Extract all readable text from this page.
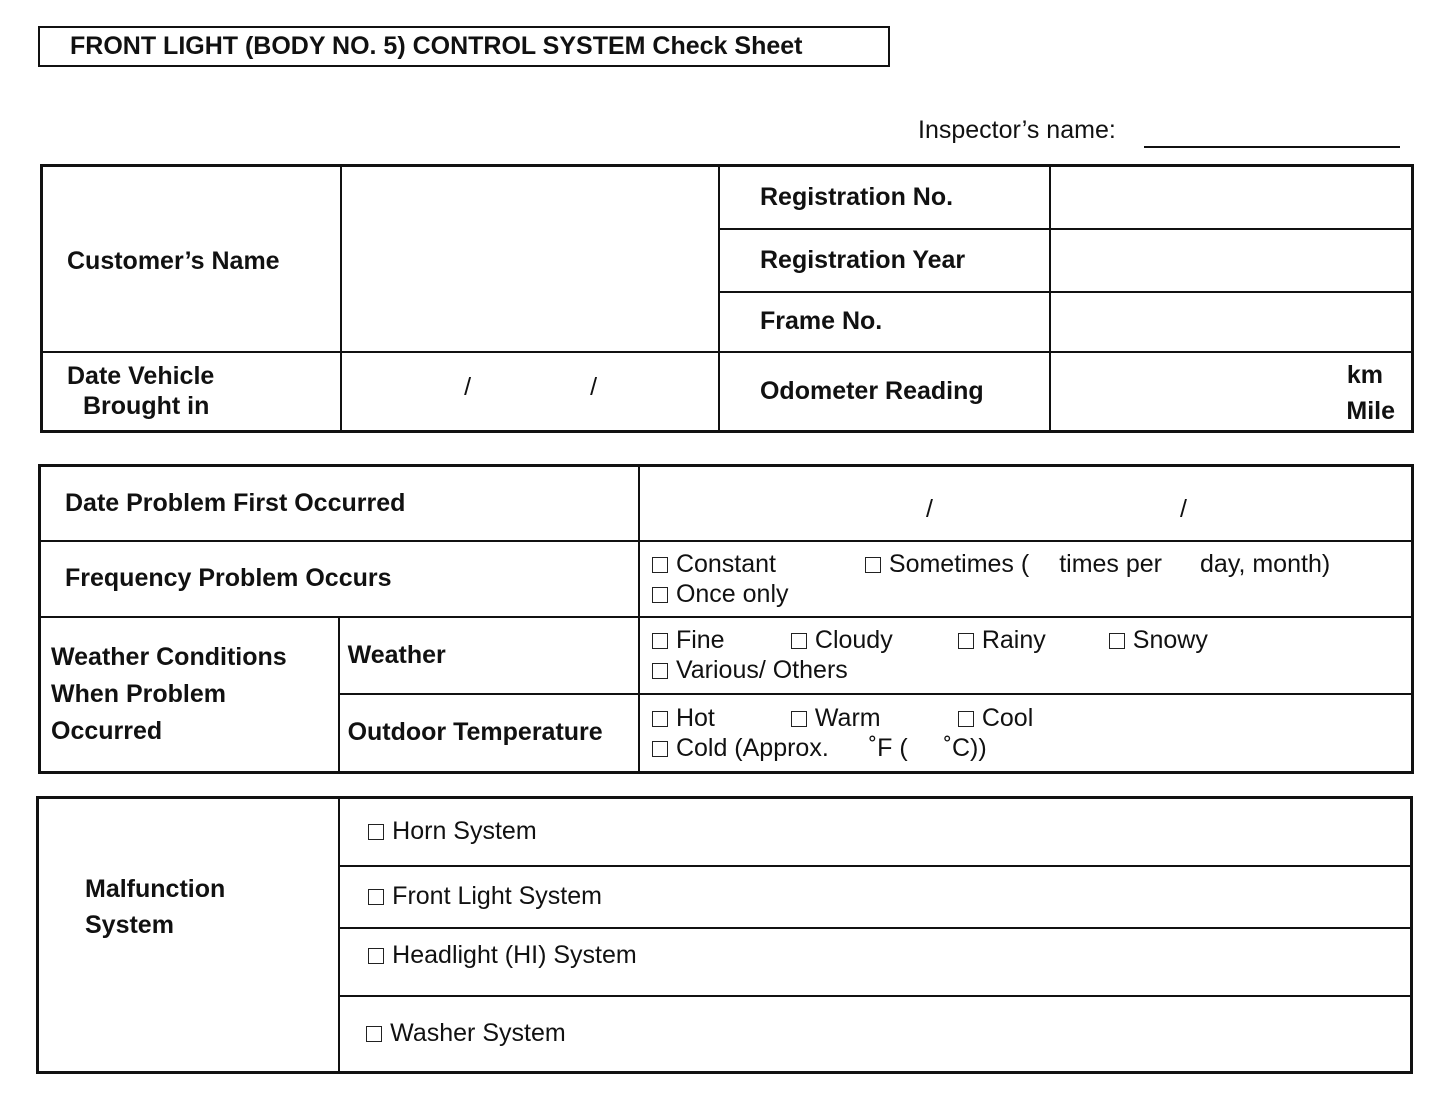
FRONT LIGHT (BODY NO. 5) CONTROL SYSTEM Check Sheet
Inspector’s name:
Customer’s Name		Registration No.	
		Registration Year	
		Frame No.	

Date Vehicle
Brought in	/ /	Odometer Reading	km
Mile
Date Problem First Occurred		/ /

Frequency Problem Occurs		Constant Sometimes ( times per day, month)
Once only

Weather Conditions
When Problem
Occurred	Weather	Fine Cloudy Rainy Snowy
Various/ Others

	Outdoor Temperature	Hot Warm Cool
Cold (Approx. ˚F ( ˚C))
Malfunction
System
	Horn System
Front Light System
Headlight (HI) System
Washer System
